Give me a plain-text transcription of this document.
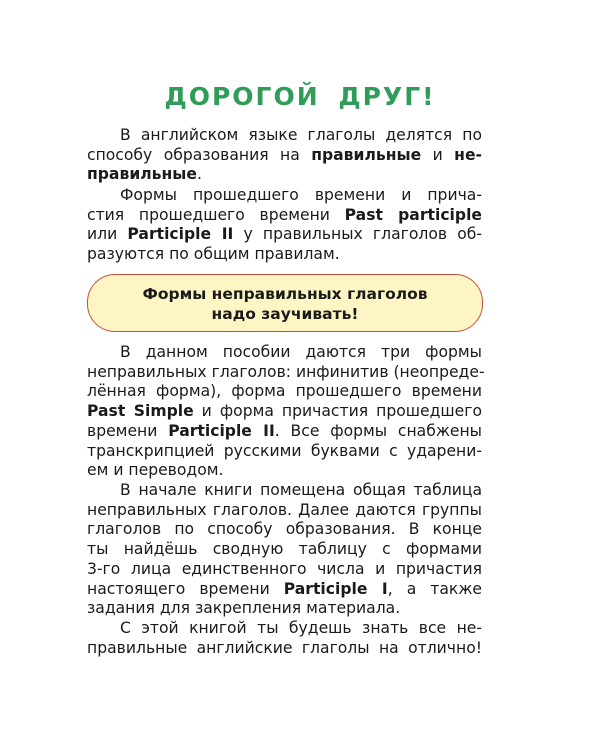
ДОРОГОЙ ДРУГ!
В английском языке глаголы делятся по
способу образования на правильные и не-
правильные.
Формы прошедшего времени и прича-
стия прошедшего времени Past participle
или Participle II у правильных глаголов об-
разуются по общим правилам.
Формы неправильных глаголов
надо заучивать!
В данном пособии даются три формы
неправильных глаголов: инфинитив (неопреде-
лённая форма), форма прошедшего времени
Past Simple и форма причастия прошедшего
времени Participle II. Все формы снабжены
транскрипцией русскими буквами с ударени-
ем и переводом.
В начале книги помещена общая таблица
неправильных глаголов. Далее даются группы
глаголов по способу образования. В конце
ты найдёшь сводную таблицу с формами
3-го лица единственного числа и причастия
настоящего времени Participle I, а также
задания для закрепления материала.
С этой книгой ты будешь знать все не-
правильные английские глаголы на отлично!
